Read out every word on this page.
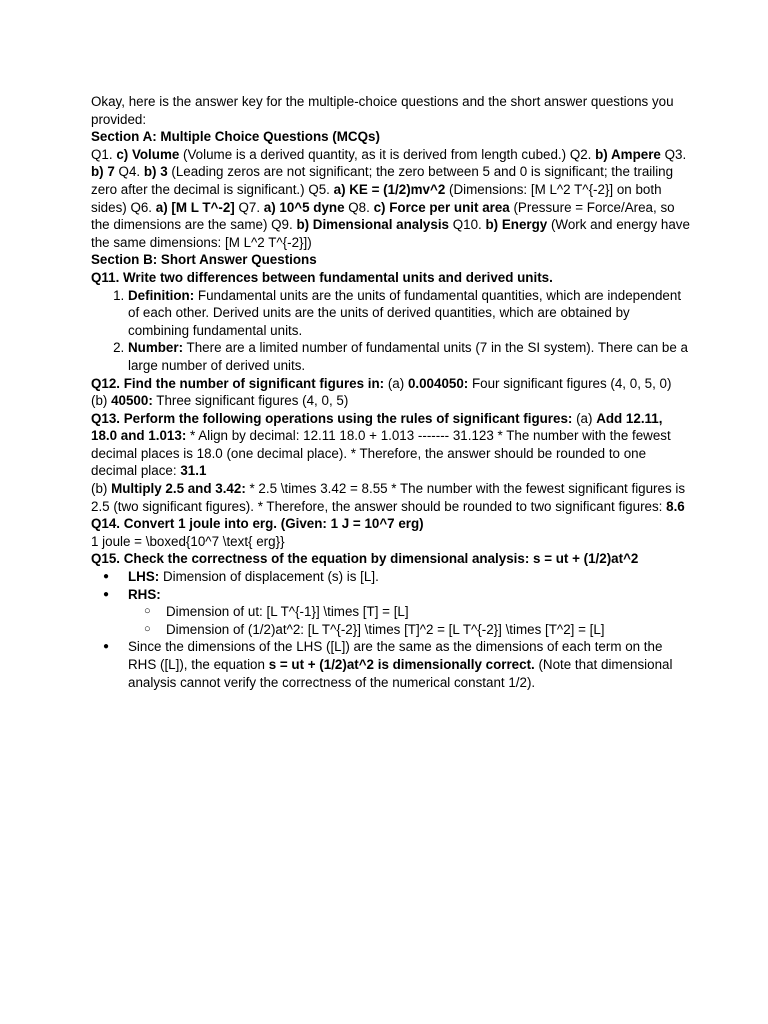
Okay, here is the answer key for the multiple-choice questions and the short answer questions you provided:

Section A: Multiple Choice Questions (MCQs)

Q1. c) Volume (Volume is a derived quantity, as it is derived from length cubed.) Q2. b) Ampere Q3. b) 7 Q4. b) 3 (Leading zeros are not significant; the zero between 5 and 0 is significant; the trailing zero after the decimal is significant.) Q5. a) KE = (1/2)mv^2 (Dimensions: [M L^2 T^{-2}] on both sides) Q6. a) [M L T^-2] Q7. a) 10^5 dyne Q8. c) Force per unit area (Pressure = Force/Area, so the dimensions are the same) Q9. b) Dimensional analysis Q10. b) Energy (Work and energy have the same dimensions: [M L^2 T^{-2}])

Section B: Short Answer Questions

Q11. Write two differences between fundamental units and derived units.

1. Definition: Fundamental units are the units of fundamental quantities, which are independent of each other. Derived units are the units of derived quantities, which are obtained by combining fundamental units.
2. Number: There are a limited number of fundamental units (7 in the SI system). There can be a large number of derived units.

Q12. Find the number of significant figures in: (a) 0.004050: Four significant figures (4, 0, 5, 0) (b) 40500: Three significant figures (4, 0, 5)

Q13. Perform the following operations using the rules of significant figures: (a) Add 12.11, 18.0 and 1.013: * Align by decimal: 12.11 18.0 + 1.013 ------- 31.123 * The number with the fewest decimal places is 18.0 (one decimal place). * Therefore, the answer should be rounded to one decimal place: 31.1

(b) Multiply 2.5 and 3.42: * 2.5 \times 3.42 = 8.55 * The number with the fewest significant figures is 2.5 (two significant figures). * Therefore, the answer should be rounded to two significant figures: 8.6

Q14. Convert 1 joule into erg. (Given: 1 J = 10^7 erg)

1 joule = \boxed{10^7 \text{ erg}}

Q15. Check the correctness of the equation by dimensional analysis: s = ut + (1/2)at^2

● LHS: Dimension of displacement (s) is [L].
● RHS:
○ Dimension of ut: [L T^{-1}] \times [T] = [L]
○ Dimension of (1/2)at^2: [L T^{-2}] \times [T]^2 = [L T^{-2}] \times [T^2] = [L]
● Since the dimensions of the LHS ([L]) are the same as the dimensions of each term on the RHS ([L]), the equation s = ut + (1/2)at^2 is dimensionally correct. (Note that dimensional analysis cannot verify the correctness of the numerical constant 1/2).
